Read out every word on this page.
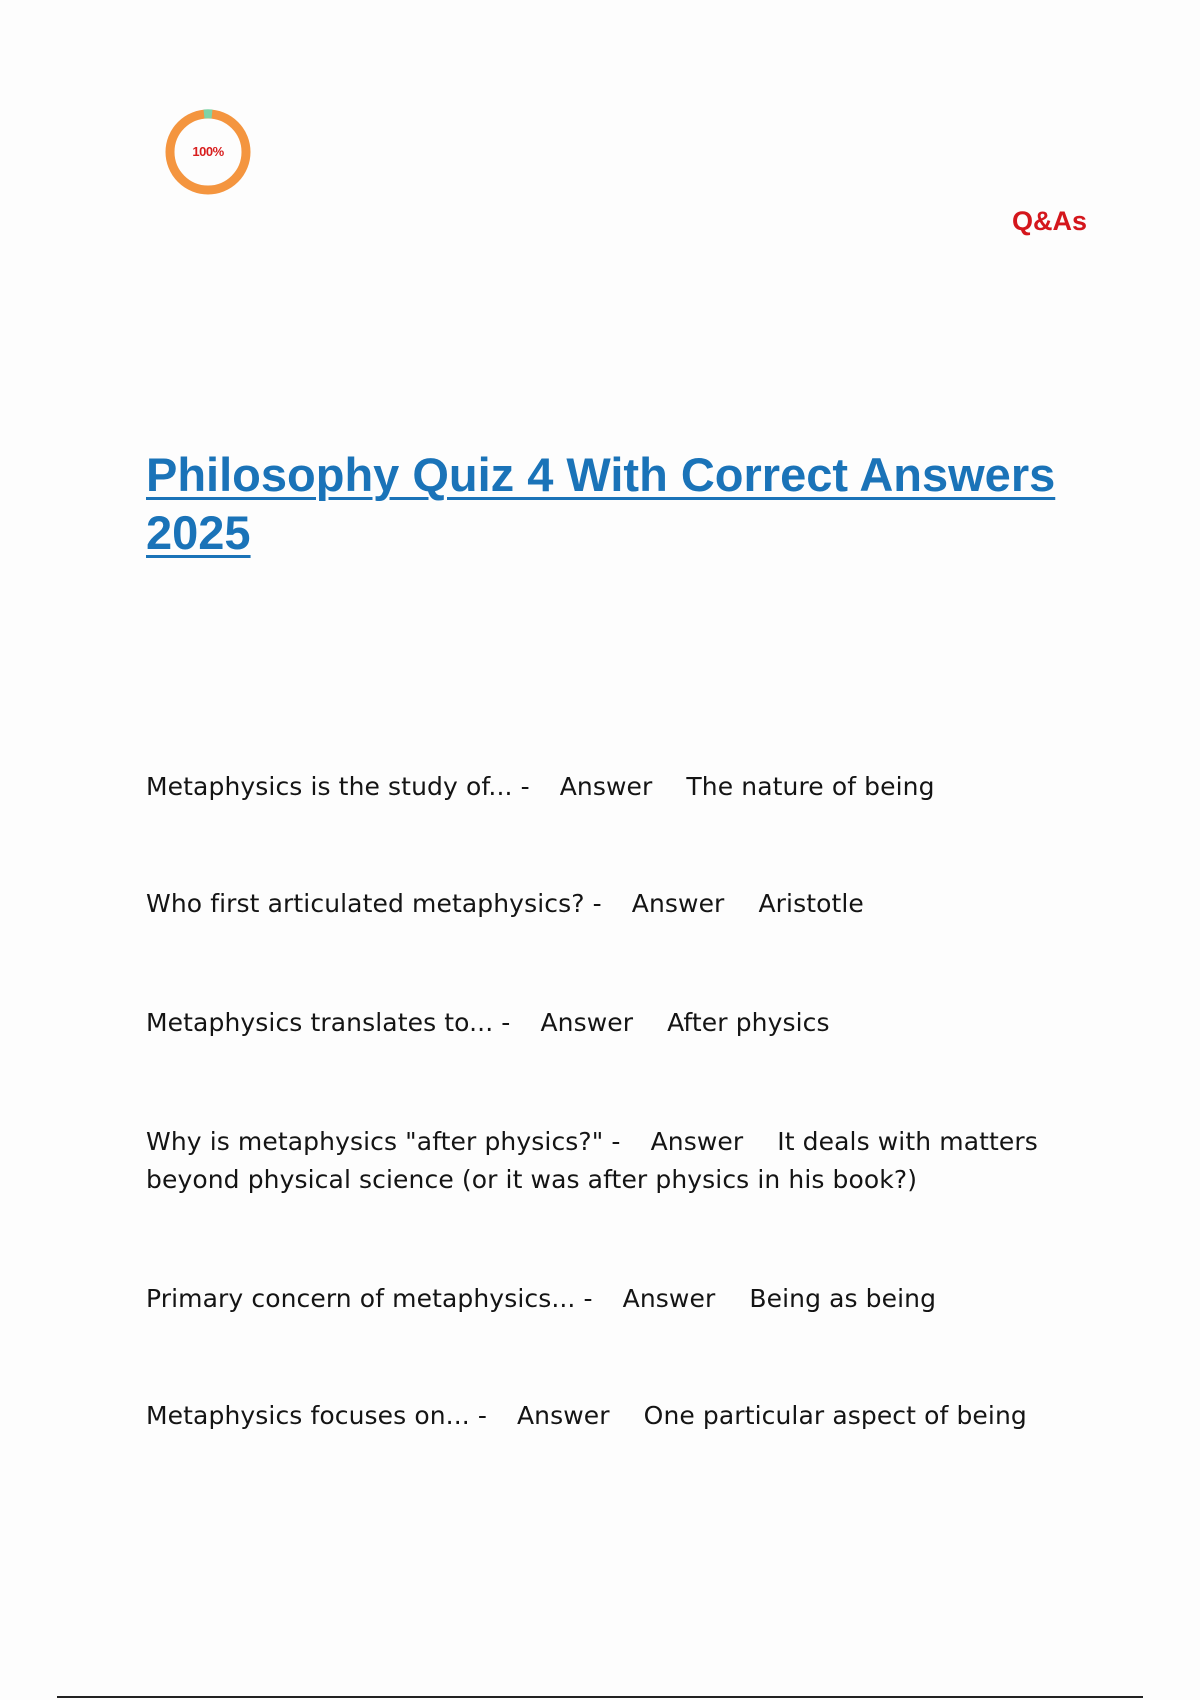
100%
Q&As
Philosophy Quiz 4 With Correct Answers 2025
Metaphysics is the study of... - Answer The nature of being
Who first articulated metaphysics? - Answer Aristotle
Metaphysics translates to... - Answer After physics
Why is metaphysics "after physics?" - Answer It deals with matters beyond physical science (or it was after physics in his book?)
Primary concern of metaphysics... - Answer Being as being
Metaphysics focuses on... - Answer One particular aspect of being
